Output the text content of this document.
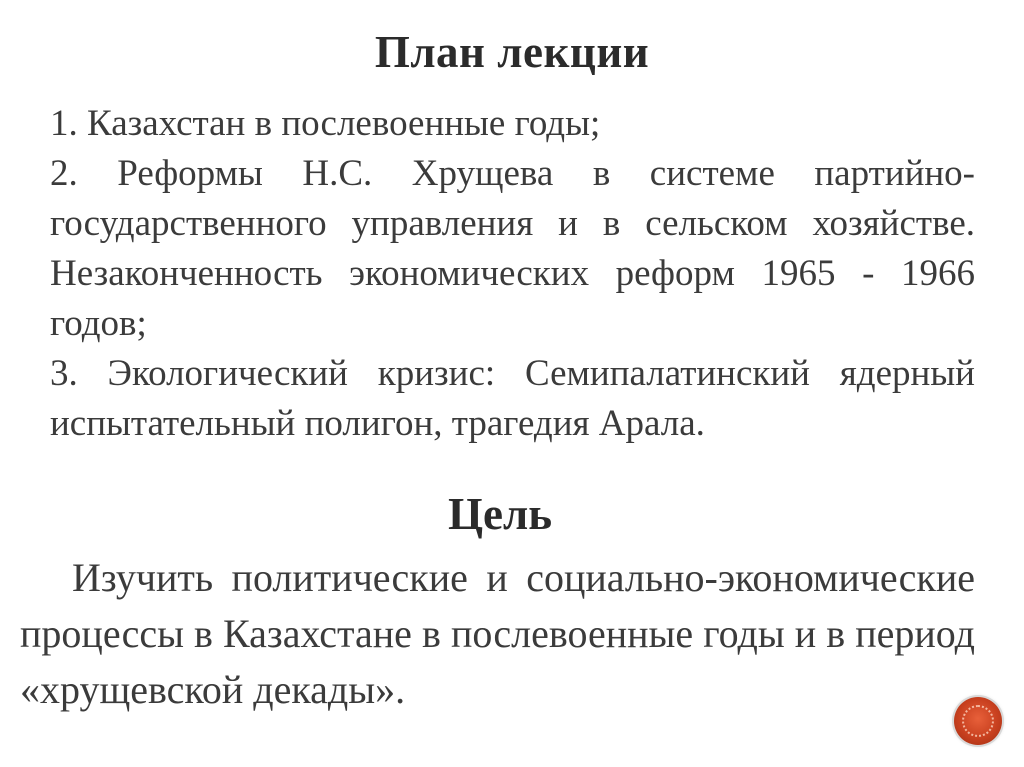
План лекции
1. Казахстан в послевоенные годы;
2. Реформы Н.С. Хрущева в системе партийно-государственного управления и в сельском хозяйстве. Незаконченность экономических реформ 1965 - 1966 годов;
3. Экологический кризис: Семипалатинский ядерный испытательный полигон, трагедия Арала.
Цель

Изучить политические и социально-экономические процессы в Казахстане в послевоенные годы и в период «хрущевской декады».
